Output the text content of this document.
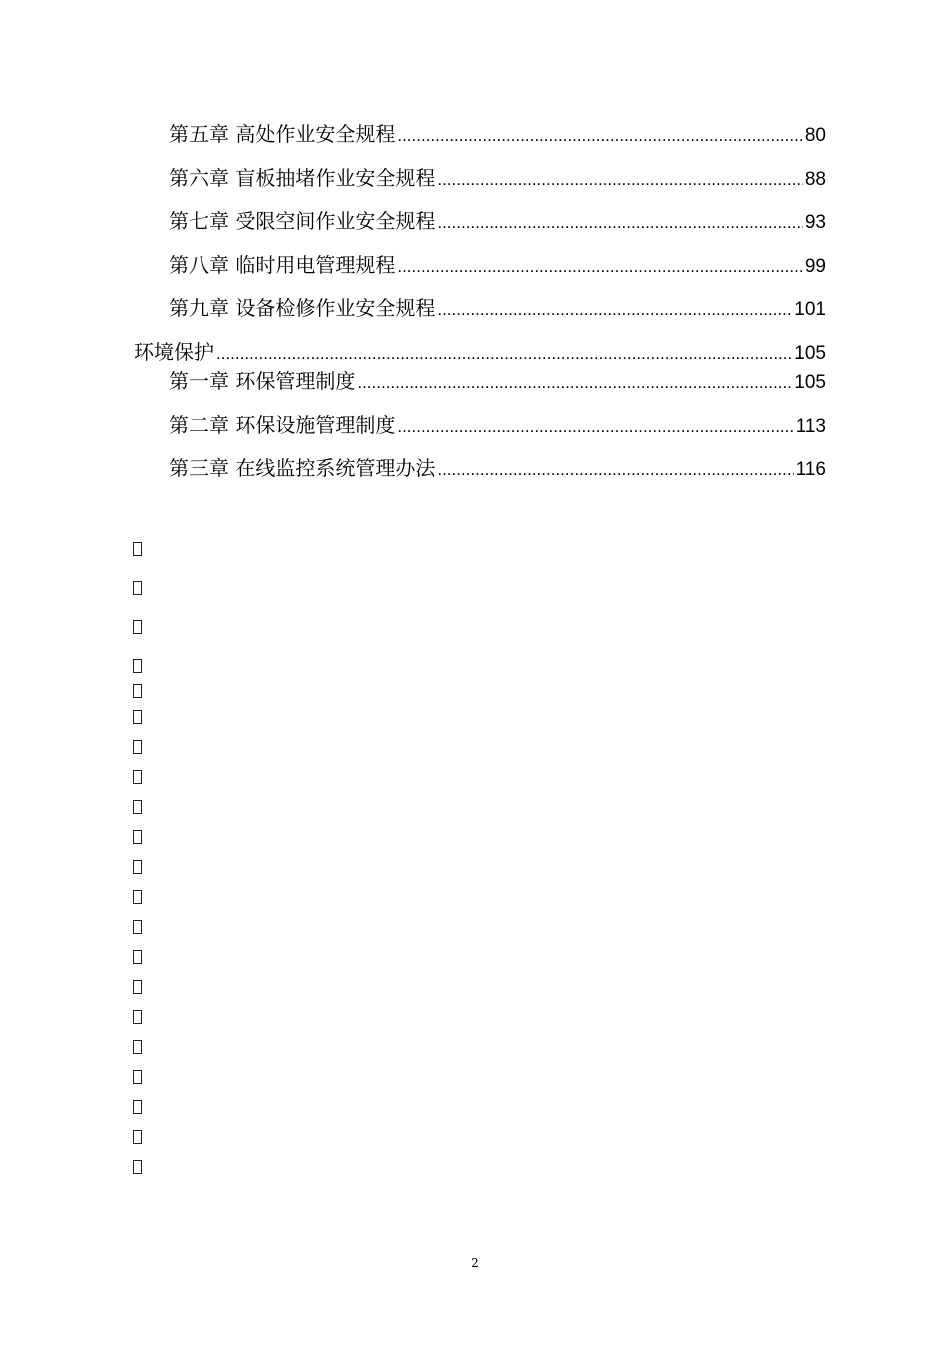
第五章 高处作业安全规程 .....	80
第六章 盲板抽堵作业安全规程 .....	88
第七章 受限空间作业安全规程 .....	93
第八章 临时用电管理规程 .....	99
第九章 设备检修作业安全规程 .....	101
环境保护 .....	105
第一章 环保管理制度 .....	105
第二章 环保设施管理制度 .....	113
第三章 在线监控系统管理办法 .....	116
2
